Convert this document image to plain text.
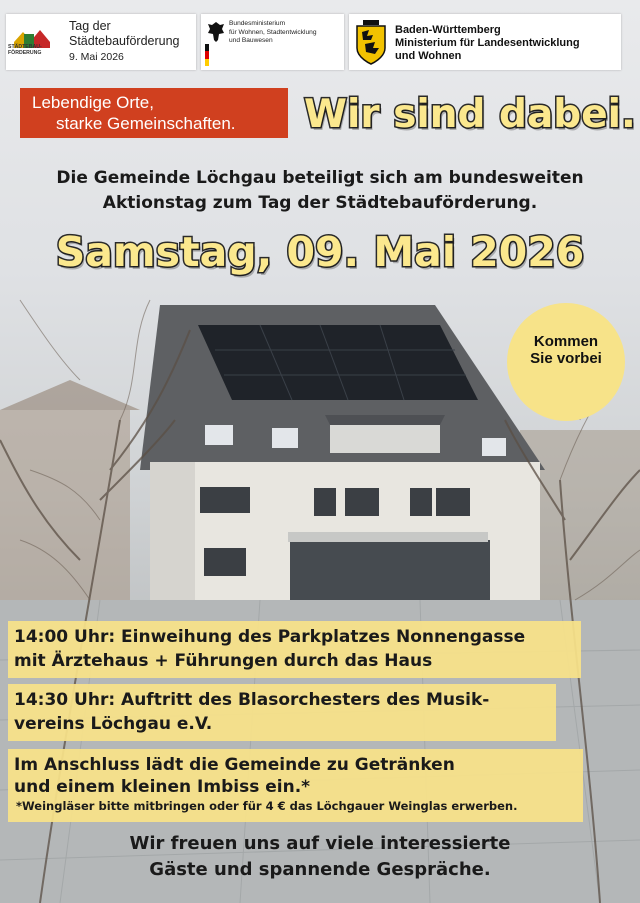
STÄDTEBAU-
FÖRDERUNG
Tag der
Städtebauförderung
9. Mai 2026
Bundesministerium
für Wohnen, Stadtentwicklung
und Bauwesen
Baden-Württemberg
Ministerium für Landesentwicklung
und Wohnen
Lebendige Orte,
starke Gemeinschaften.	Wir sind dabei.
Die Gemeinde Löchgau beteiligt sich am bundesweiten
Aktionstag zum Tag der Städtebauförderung.
Samstag, 09. Mai 2026
Kommen
Sie vorbei
14:00 Uhr: Einweihung des Parkplatzes Nonnengasse
mit Ärztehaus + Führungen durch das Haus
14:30 Uhr: Auftritt des Blasorchesters des Musik-
vereins Löchgau e.V.
Im Anschluss lädt die Gemeinde zu Getränken
und einem kleinen Imbiss ein.*
*Weingläser bitte mitbringen oder für 4 € das Löchgauer Weinglas erwerben.
Wir freuen uns auf viele interessierte
Gäste und spannende Gespräche.
